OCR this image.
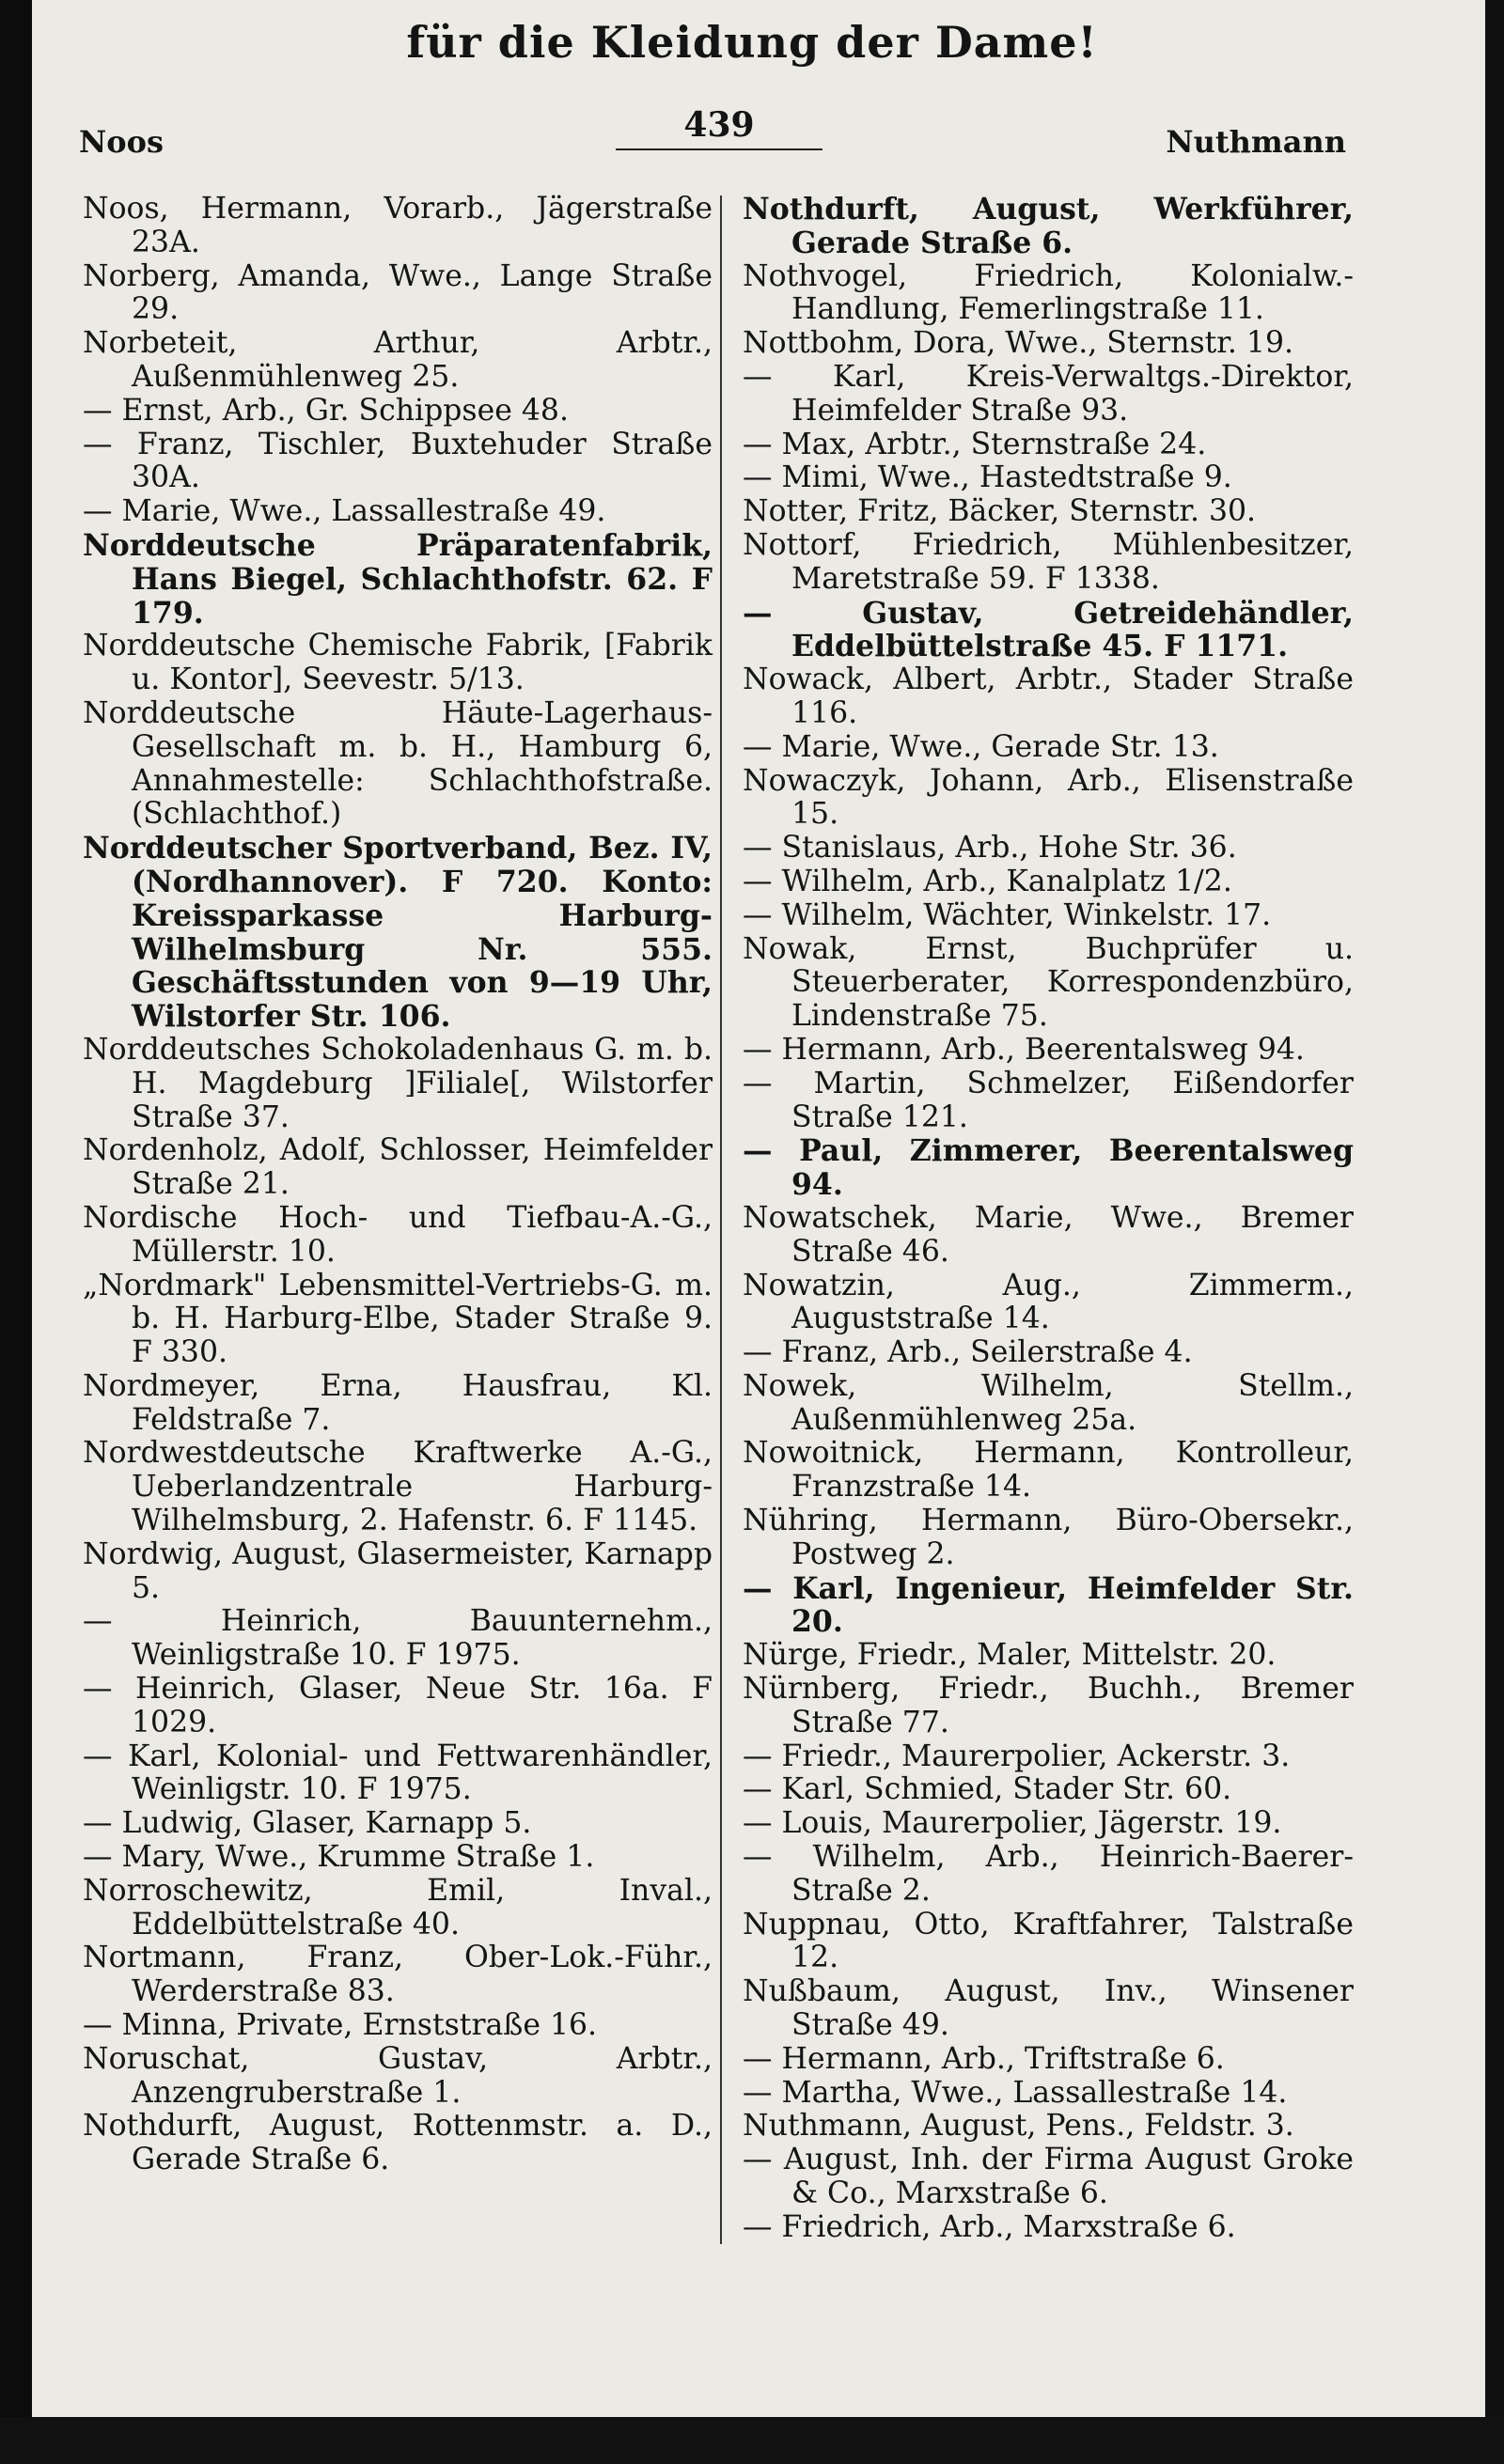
für die Kleidung der Dame!
Noos	439	Nuthmann

Noos, Hermann, Vorarb., Jägerstraße 23A.

Norberg, Amanda, Wwe., Lange Straße 29.

Norbeteit, Arthur, Arbtr., Außenmühlenweg 25.

— Ernst, Arb., Gr. Schippsee 48.

— Franz, Tischler, Buxtehuder Straße 30A.

— Marie, Wwe., Lassallestraße 49.

Norddeutsche Präparatenfabrik, Hans Biegel, Schlachthofstr. 62. F 179.

Norddeutsche Chemische Fabrik, [Fabrik u. Kontor], Seevestr. 5/13.

Norddeutsche Häute-Lagerhaus-Gesellschaft m. b. H., Hamburg 6, Annahmestelle: Schlachthofstraße. (Schlachthof.)

Norddeutscher Sportverband, Bez. IV, (Nordhannover). F 720. Konto: Kreissparkasse Harburg-Wilhelmsburg Nr. 555. Geschäftsstunden von 9—19 Uhr, Wilstorfer Str. 106.

Norddeutsches Schokoladenhaus G. m. b. H. Magdeburg ]Filiale[, Wilstorfer Straße 37.

Nordenholz, Adolf, Schlosser, Heimfelder Straße 21.

Nordische Hoch- und Tiefbau-A.-G., Müllerstr. 10.

„Nordmark" Lebensmittel-Vertriebs-G. m. b. H. Harburg-Elbe, Stader Straße 9. F 330.

Nordmeyer, Erna, Hausfrau, Kl. Feldstraße 7.

Nordwestdeutsche Kraftwerke A.-G., Ueberlandzentrale Harburg-Wilhelmsburg, 2. Hafenstr. 6. F 1145.

Nordwig, August, Glasermeister, Karnapp 5.

— Heinrich, Bauunternehm., Weinligstraße 10. F 1975.

— Heinrich, Glaser, Neue Str. 16a. F 1029.

— Karl, Kolonial- und Fettwarenhändler, Weinligstr. 10. F 1975.

— Ludwig, Glaser, Karnapp 5.

— Mary, Wwe., Krumme Straße 1.

Norroschewitz, Emil, Inval., Eddelbüttelstraße 40.

Nortmann, Franz, Ober-Lok.-Führ., Werderstraße 83.

— Minna, Private, Ernststraße 16.

Noruschat, Gustav, Arbtr., Anzengruberstraße 1.

Nothdurft, August, Rottenmstr. a. D., Gerade Straße 6.

Nothdurft, August, Werkführer, Gerade Straße 6.

Nothvogel, Friedrich, Kolonialw.-Handlung, Femerlingstraße 11.

Nottbohm, Dora, Wwe., Sternstr. 19.

— Karl, Kreis-Verwaltgs.-Direktor, Heimfelder Straße 93.

— Max, Arbtr., Sternstraße 24.

— Mimi, Wwe., Hastedtstraße 9.

Notter, Fritz, Bäcker, Sternstr. 30.

Nottorf, Friedrich, Mühlenbesitzer, Maretstraße 59. F 1338.

— Gustav, Getreidehändler, Eddelbüttelstraße 45. F 1171.

Nowack, Albert, Arbtr., Stader Straße 116.

— Marie, Wwe., Gerade Str. 13.

Nowaczyk, Johann, Arb., Elisenstraße 15.

— Stanislaus, Arb., Hohe Str. 36.

— Wilhelm, Arb., Kanalplatz 1/2.

— Wilhelm, Wächter, Winkelstr. 17.

Nowak, Ernst, Buchprüfer u. Steuerberater, Korrespondenzbüro, Lindenstraße 75.

— Hermann, Arb., Beerentalsweg 94.

— Martin, Schmelzer, Eißendorfer Straße 121.

— Paul, Zimmerer, Beerentalsweg 94.

Nowatschek, Marie, Wwe., Bremer Straße 46.

Nowatzin, Aug., Zimmerm., Auguststraße 14.

— Franz, Arb., Seilerstraße 4.

Nowek, Wilhelm, Stellm., Außenmühlenweg 25a.

Nowoitnick, Hermann, Kontrolleur, Franzstraße 14.

Nühring, Hermann, Büro-Obersekr., Postweg 2.

— Karl, Ingenieur, Heimfelder Str. 20.

Nürge, Friedr., Maler, Mittelstr. 20.

Nürnberg, Friedr., Buchh., Bremer Straße 77.

— Friedr., Maurerpolier, Ackerstr. 3.

— Karl, Schmied, Stader Str. 60.

— Louis, Maurerpolier, Jägerstr. 19.

— Wilhelm, Arb., Heinrich-Baerer-Straße 2.

Nuppnau, Otto, Kraftfahrer, Talstraße 12.

Nußbaum, August, Inv., Winsener Straße 49.

— Hermann, Arb., Triftstraße 6.

— Martha, Wwe., Lassallestraße 14.

Nuthmann, August, Pens., Feldstr. 3.

— August, Inh. der Firma August Groke & Co., Marxstraße 6.

— Friedrich, Arb., Marxstraße 6.
